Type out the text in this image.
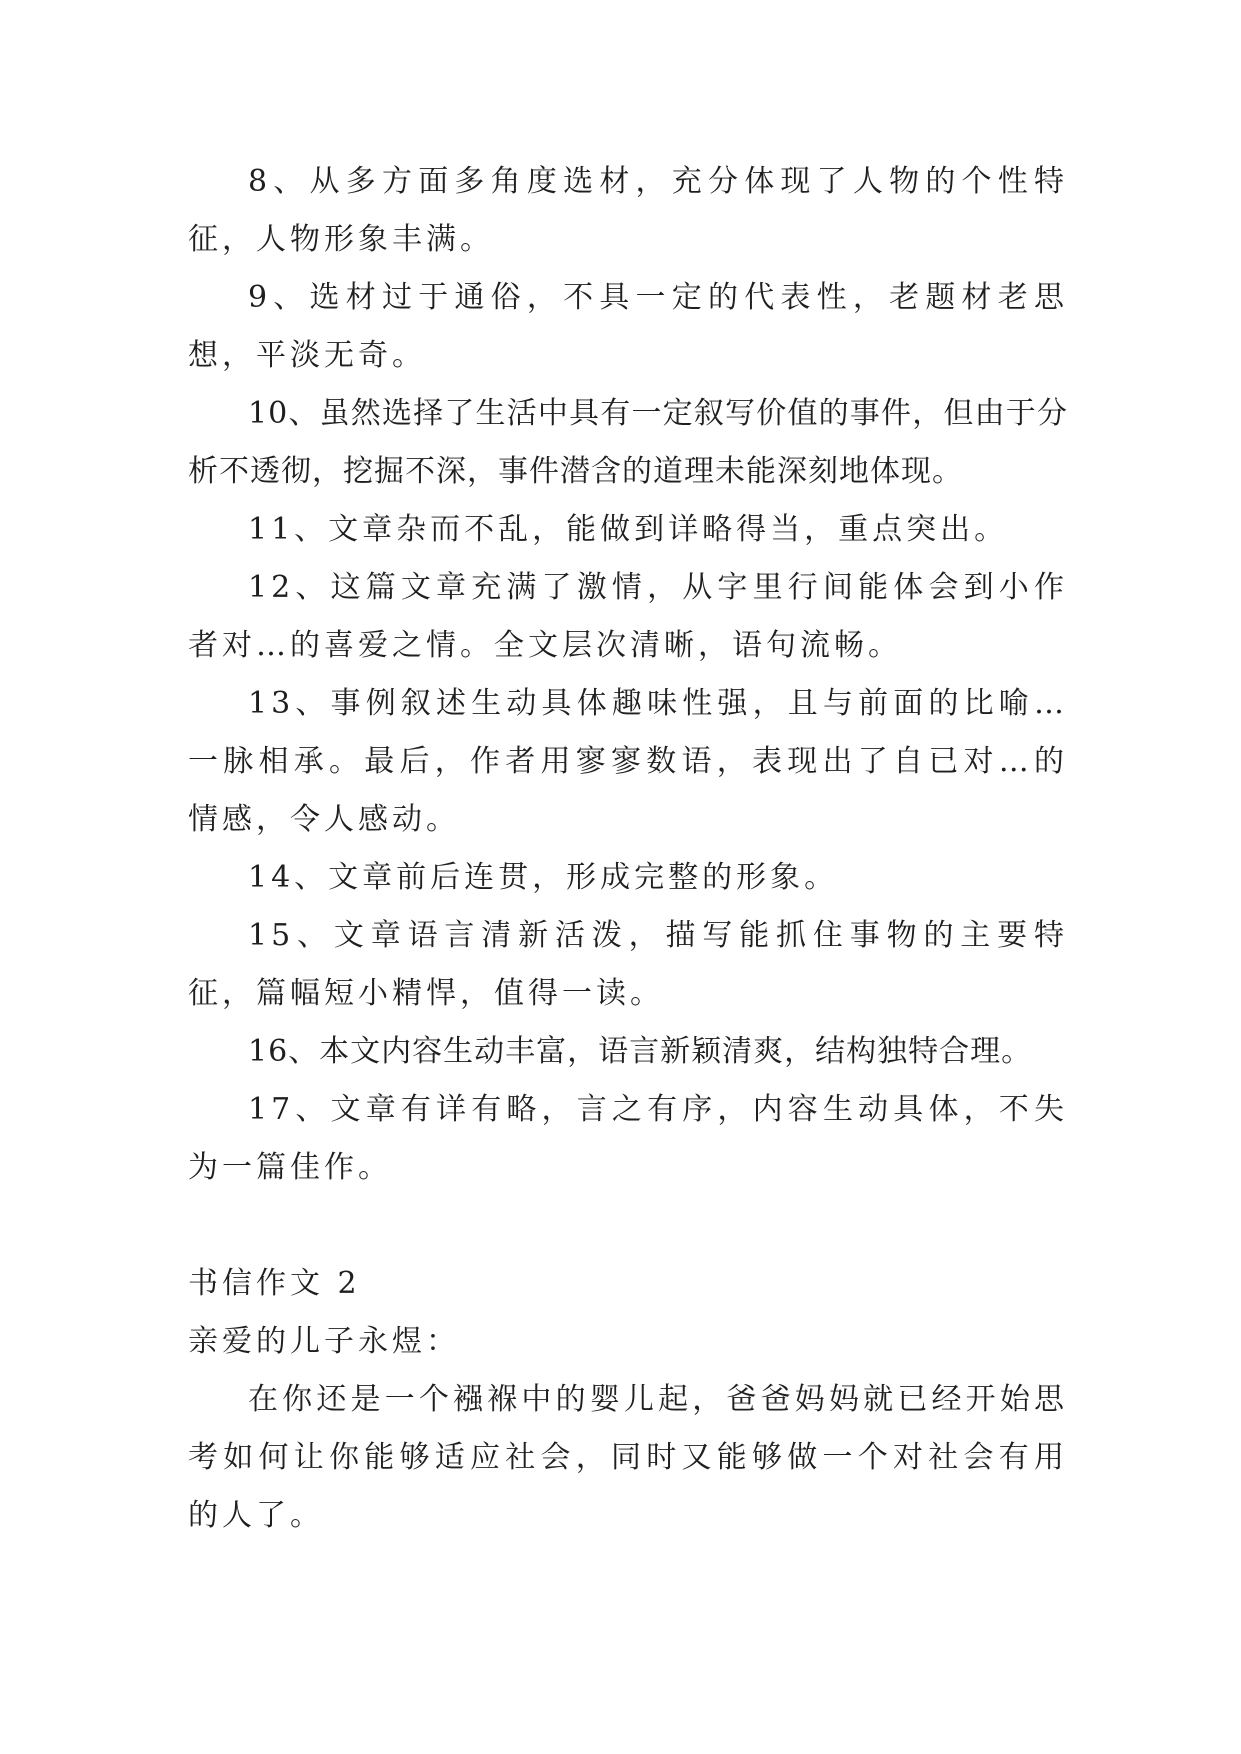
8、从多方面多角度选材，充分体现了人物的个性特征，人物形象丰满。

9、选材过于通俗，不具一定的代表性，老题材老思想，平淡无奇。

10、虽然选择了生活中具有一定叙写价值的事件，但由于分析不透彻，挖掘不深，事件潜含的道理未能深刻地体现。

11、文章杂而不乱，能做到详略得当，重点突出。

12、这篇文章充满了激情，从字里行间能体会到小作者对…的喜爱之情。全文层次清晰，语句流畅。

13、事例叙述生动具体趣味性强，且与前面的比喻…一脉相承。最后，作者用寥寥数语，表现出了自已对…的情感，令人感动。

14、文章前后连贯，形成完整的形象。

15、文章语言清新活泼，描写能抓住事物的主要特征，篇幅短小精悍，值得一读。

16、本文内容生动丰富，语言新颖清爽，结构独特合理。

17、文章有详有略，言之有序，内容生动具体，不失为一篇佳作。

书信作文 2

亲爱的儿子永煜：

在你还是一个襁褓中的婴儿起，爸爸妈妈就已经开始思考如何让你能够适应社会，同时又能够做一个对社会有用的人了。
